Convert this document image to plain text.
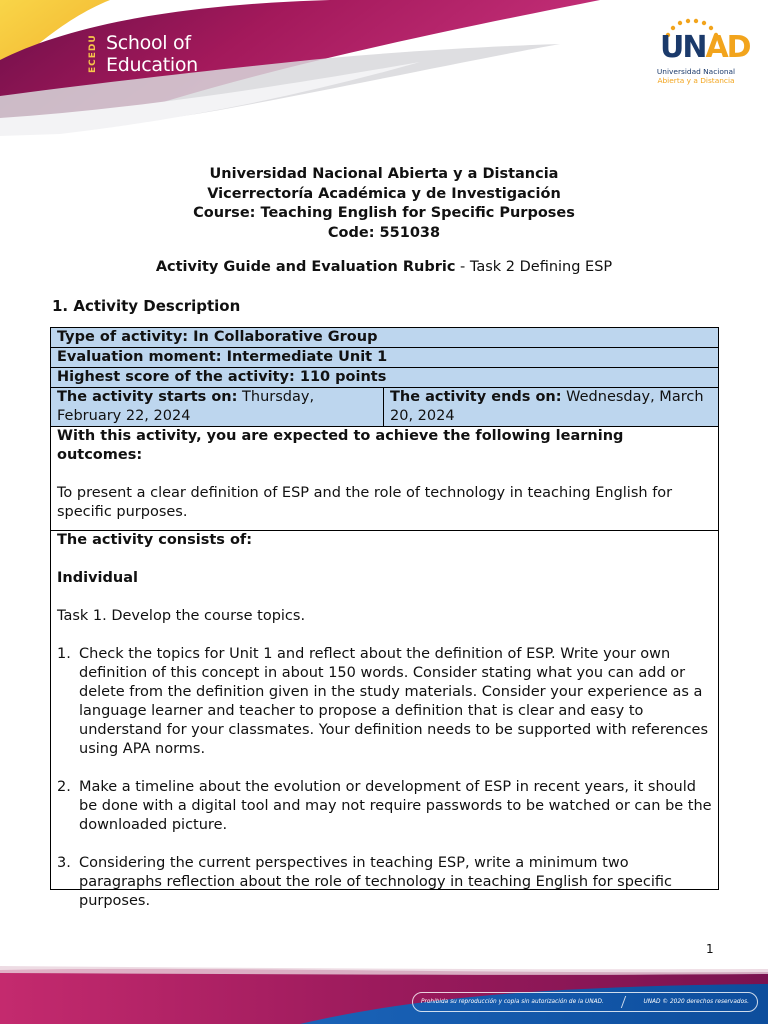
ECEDU School of
Education	UNAD
Universidad Nacional
Abierta y a Distancia
Universidad Nacional Abierta y a Distancia
Vicerrectoría Académica y de Investigación
Course: Teaching English for Specific Purposes
Code: 551038
Activity Guide and Evaluation Rubric - Task 2 Defining ESP
1. Activity Description
Type of activity: In Collaborative Group
Evaluation moment: Intermediate Unit 1
Highest score of the activity: 110 points
The activity starts on: Thursday, February 22, 2024
The activity ends on: Wednesday, March 20, 2024
With this activity, you are expected to achieve the following learning outcomes:
To present a clear definition of ESP and the role of technology in teaching English for specific purposes.
The activity consists of:
Individual
Task 1. Develop the course topics.
1. Check the topics for Unit 1 and reflect about the definition of ESP. Write your own definition of this concept in about 150 words. Consider stating what you can add or delete from the definition given in the study materials. Consider your experience as a language learner and teacher to propose a definition that is clear and easy to understand for your classmates. Your definition needs to be supported with references using APA norms.
2. Make a timeline about the evolution or development of ESP in recent years, it should be done with a digital tool and may not require passwords to be watched or can be the downloaded picture.
3. Considering the current perspectives in teaching ESP, write a minimum two paragraphs reflection about the role of technology in teaching English for specific purposes.
1
Prohibida su reproducción y copia sin autorización de la UNAD.	UNAD © 2020 derechos reservados.
